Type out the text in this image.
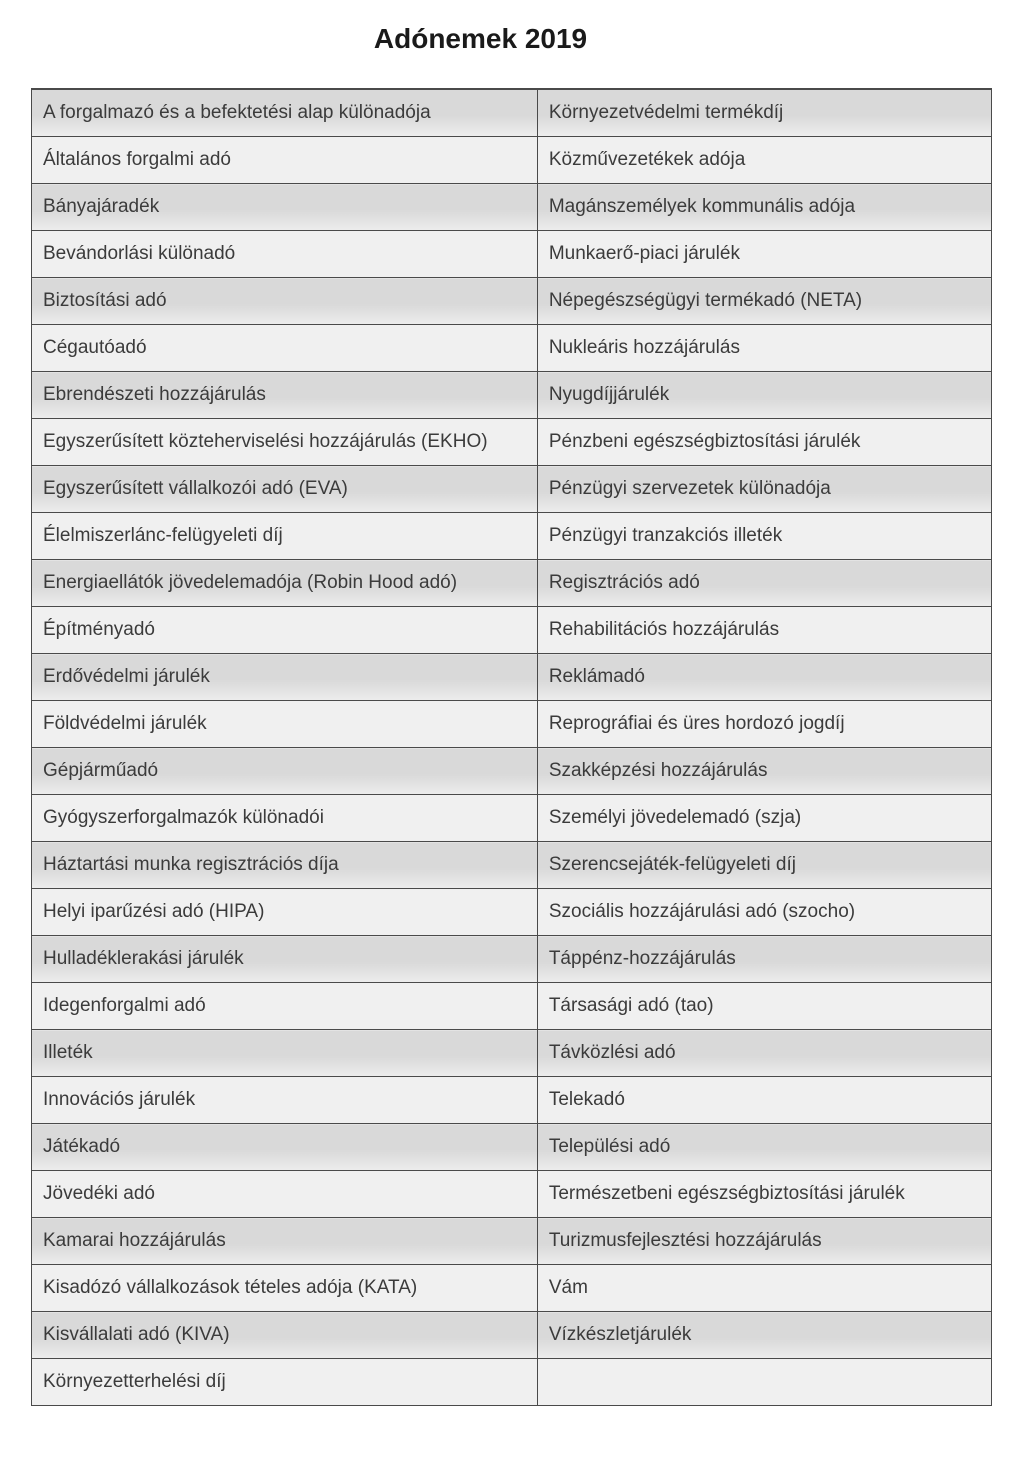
Adónemek 2019
A forgalmazó és a befektetési alap különadója	Környezetvédelmi termékdíj
Általános forgalmi adó	Közművezetékek adója
Bányajáradék	Magánszemélyek kommunális adója
Bevándorlási különadó	Munkaerő-piaci járulék
Biztosítási adó	Népegészségügyi termékadó (NETA)
Cégautóadó	Nukleáris hozzájárulás
Ebrendészeti hozzájárulás	Nyugdíjjárulék
Egyszerűsített közteherviselési hozzájárulás (EKHO)	Pénzbeni egészségbiztosítási járulék
Egyszerűsített vállalkozói adó (EVA)	Pénzügyi szervezetek különadója
Élelmiszerlánc-felügyeleti díj	Pénzügyi tranzakciós illeték
Energiaellátók jövedelemadója (Robin Hood adó)	Regisztrációs adó
Építményadó	Rehabilitációs hozzájárulás
Erdővédelmi járulék	Reklámadó
Földvédelmi járulék	Reprográfiai és üres hordozó jogdíj
Gépjárműadó	Szakképzési hozzájárulás
Gyógyszerforgalmazók különadói	Személyi jövedelemadó (szja)
Háztartási munka regisztrációs díja	Szerencsejáték-felügyeleti díj
Helyi iparűzési adó (HIPA)	Szociális hozzájárulási adó (szocho)
Hulladéklerakási járulék	Táppénz-hozzájárulás
Idegenforgalmi adó	Társasági adó (tao)
Illeték	Távközlési adó
Innovációs járulék	Telekadó
Játékadó	Települési adó
Jövedéki adó	Természetbeni egészségbiztosítási járulék
Kamarai hozzájárulás	Turizmusfejlesztési hozzájárulás
Kisadózó vállalkozások tételes adója (KATA)	Vám
Kisvállalati adó (KIVA)	Vízkészletjárulék
Környezetterhelési díj	
